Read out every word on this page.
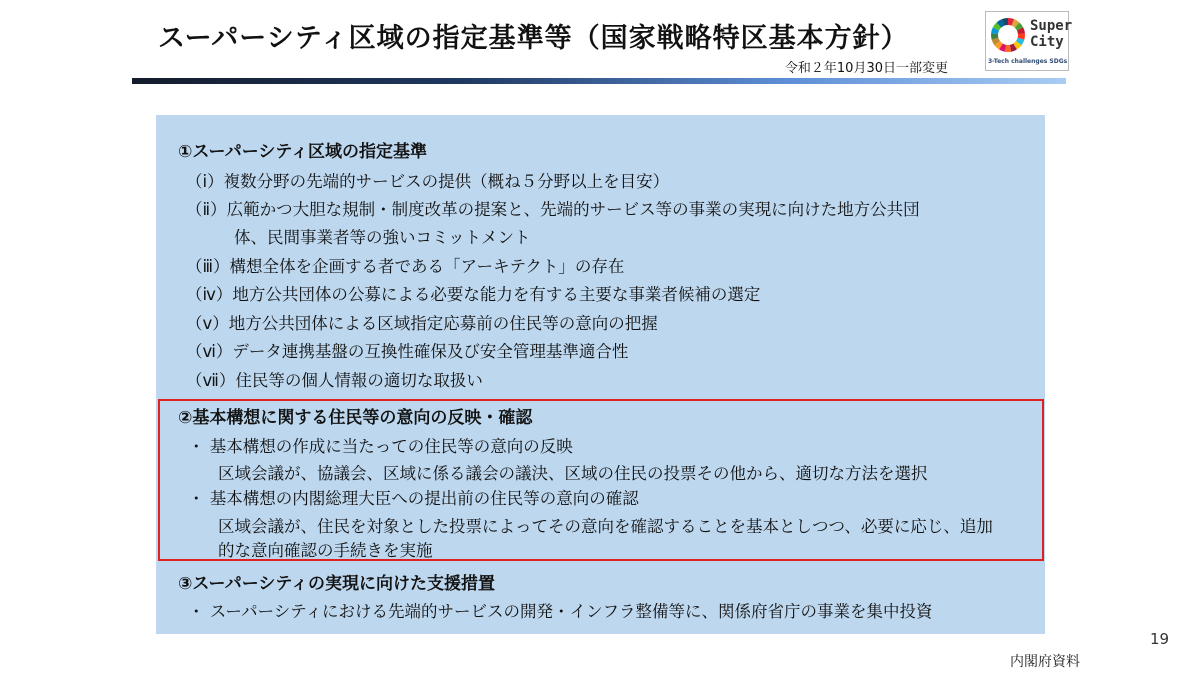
スーパーシティ区域の指定基準等（国家戦略特区基本方針）
令和２年10月30日一部変更
Super
City
3-Tech challenges SDGs
①スーパーシティ区域の指定基準
（ⅰ）複数分野の先端的サービスの提供（概ね５分野以上を目安）
（ⅱ）広範かつ大胆な規制・制度改革の提案と、先端的サービス等の事業の実現に向けた地方公共団
体、民間事業者等の強いコミットメント
（ⅲ）構想全体を企画する者である「アーキテクト」の存在
（ⅳ）地方公共団体の公募による必要な能力を有する主要な事業者候補の選定
（ⅴ）地方公共団体による区域指定応募前の住民等の意向の把握
（ⅵ）データ連携基盤の互換性確保及び安全管理基準適合性
（ⅶ）住民等の個人情報の適切な取扱い
②基本構想に関する住民等の意向の反映・確認
・ 基本構想の作成に当たっての住民等の意向の反映
区域会議が、協議会、区域に係る議会の議決、区域の住民の投票その他から、適切な方法を選択
・ 基本構想の内閣総理大臣への提出前の住民等の意向の確認
区域会議が、住民を対象とした投票によってその意向を確認することを基本としつつ、必要に応じ、追加
的な意向確認の手続きを実施
③スーパーシティの実現に向けた支援措置
・ スーパーシティにおける先端的サービスの開発・インフラ整備等に、関係府省庁の事業を集中投資
19
内閣府資料
